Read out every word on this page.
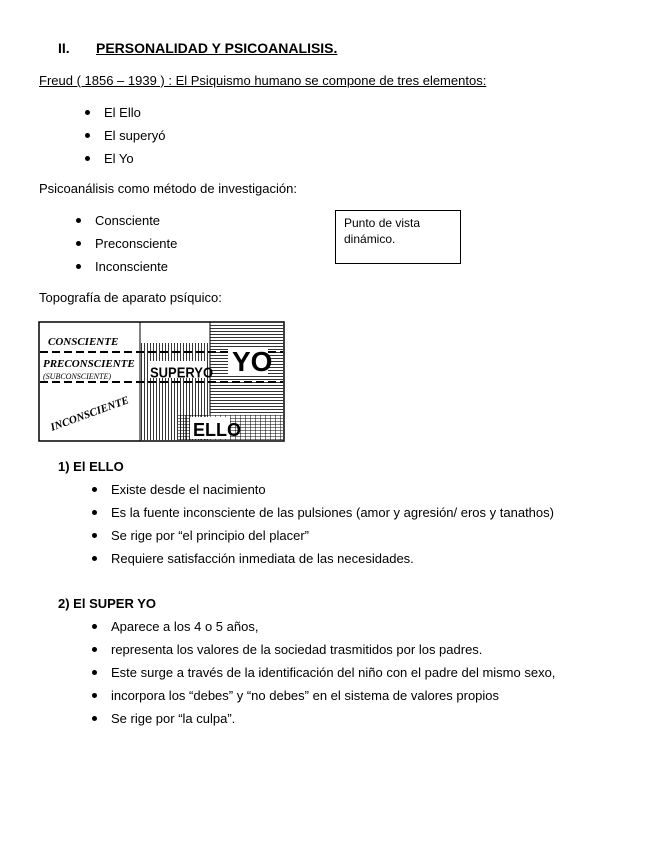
II. PERSONALIDAD Y PSICOANALISIS.
Freud ( 1856 – 1939 ) : El Psiquismo humano se compone de tres elementos:
El Ello
El superyó
El Yo
Psicoanálisis como método de investigación:
Consciente
Preconsciente
Inconsciente
Punto de vista dinámico.
Topografía de aparato psíquico:
CONSCIENTE
PRECONSCIENTE
(SUBCONSCIENTE)
INCONSCIENTE
SUPERYO YO
ELLO
1) El ELLO
Existe desde el nacimiento
Es la fuente inconsciente de las pulsiones (amor y agresión/ eros y tanathos)
Se rige por “el principio del placer”
Requiere satisfacción inmediata de las necesidades.
2) El SUPER YO
Aparece a los 4 o 5 años,
representa los valores de la sociedad trasmitidos por los padres.
Este surge a través de la identificación del niño con el padre del mismo sexo,
incorpora los “debes” y “no debes” en el sistema de valores propios
Se rige por “la culpa”.
